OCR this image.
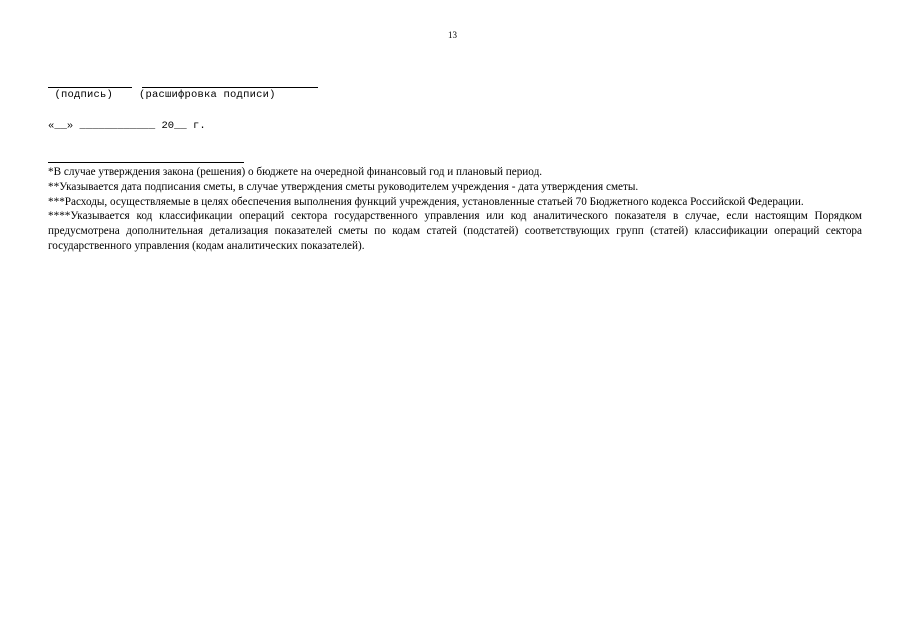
13
(подпись) (расшифровка подписи)
«__» ____________ 20__ г.

*В случае утверждения закона (решения) о бюджете на очередной финансовый год и плановый период.

**Указывается дата подписания сметы, в случае утверждения сметы руководителем учреждения - дата утверждения сметы.

***Расходы, осуществляемые в целях обеспечения выполнения функций учреждения, установленные статьей 70 Бюджетного кодекса Российской Федерации.

****Указывается код классификации операций сектора государственного управления или код аналитического показателя в случае, если настоящим Порядком предусмотрена дополнительная детализация показателей сметы по кодам статей (подстатей) соответствующих групп (статей) классификации операций сектора государственного управления (кодам аналитических показателей).
